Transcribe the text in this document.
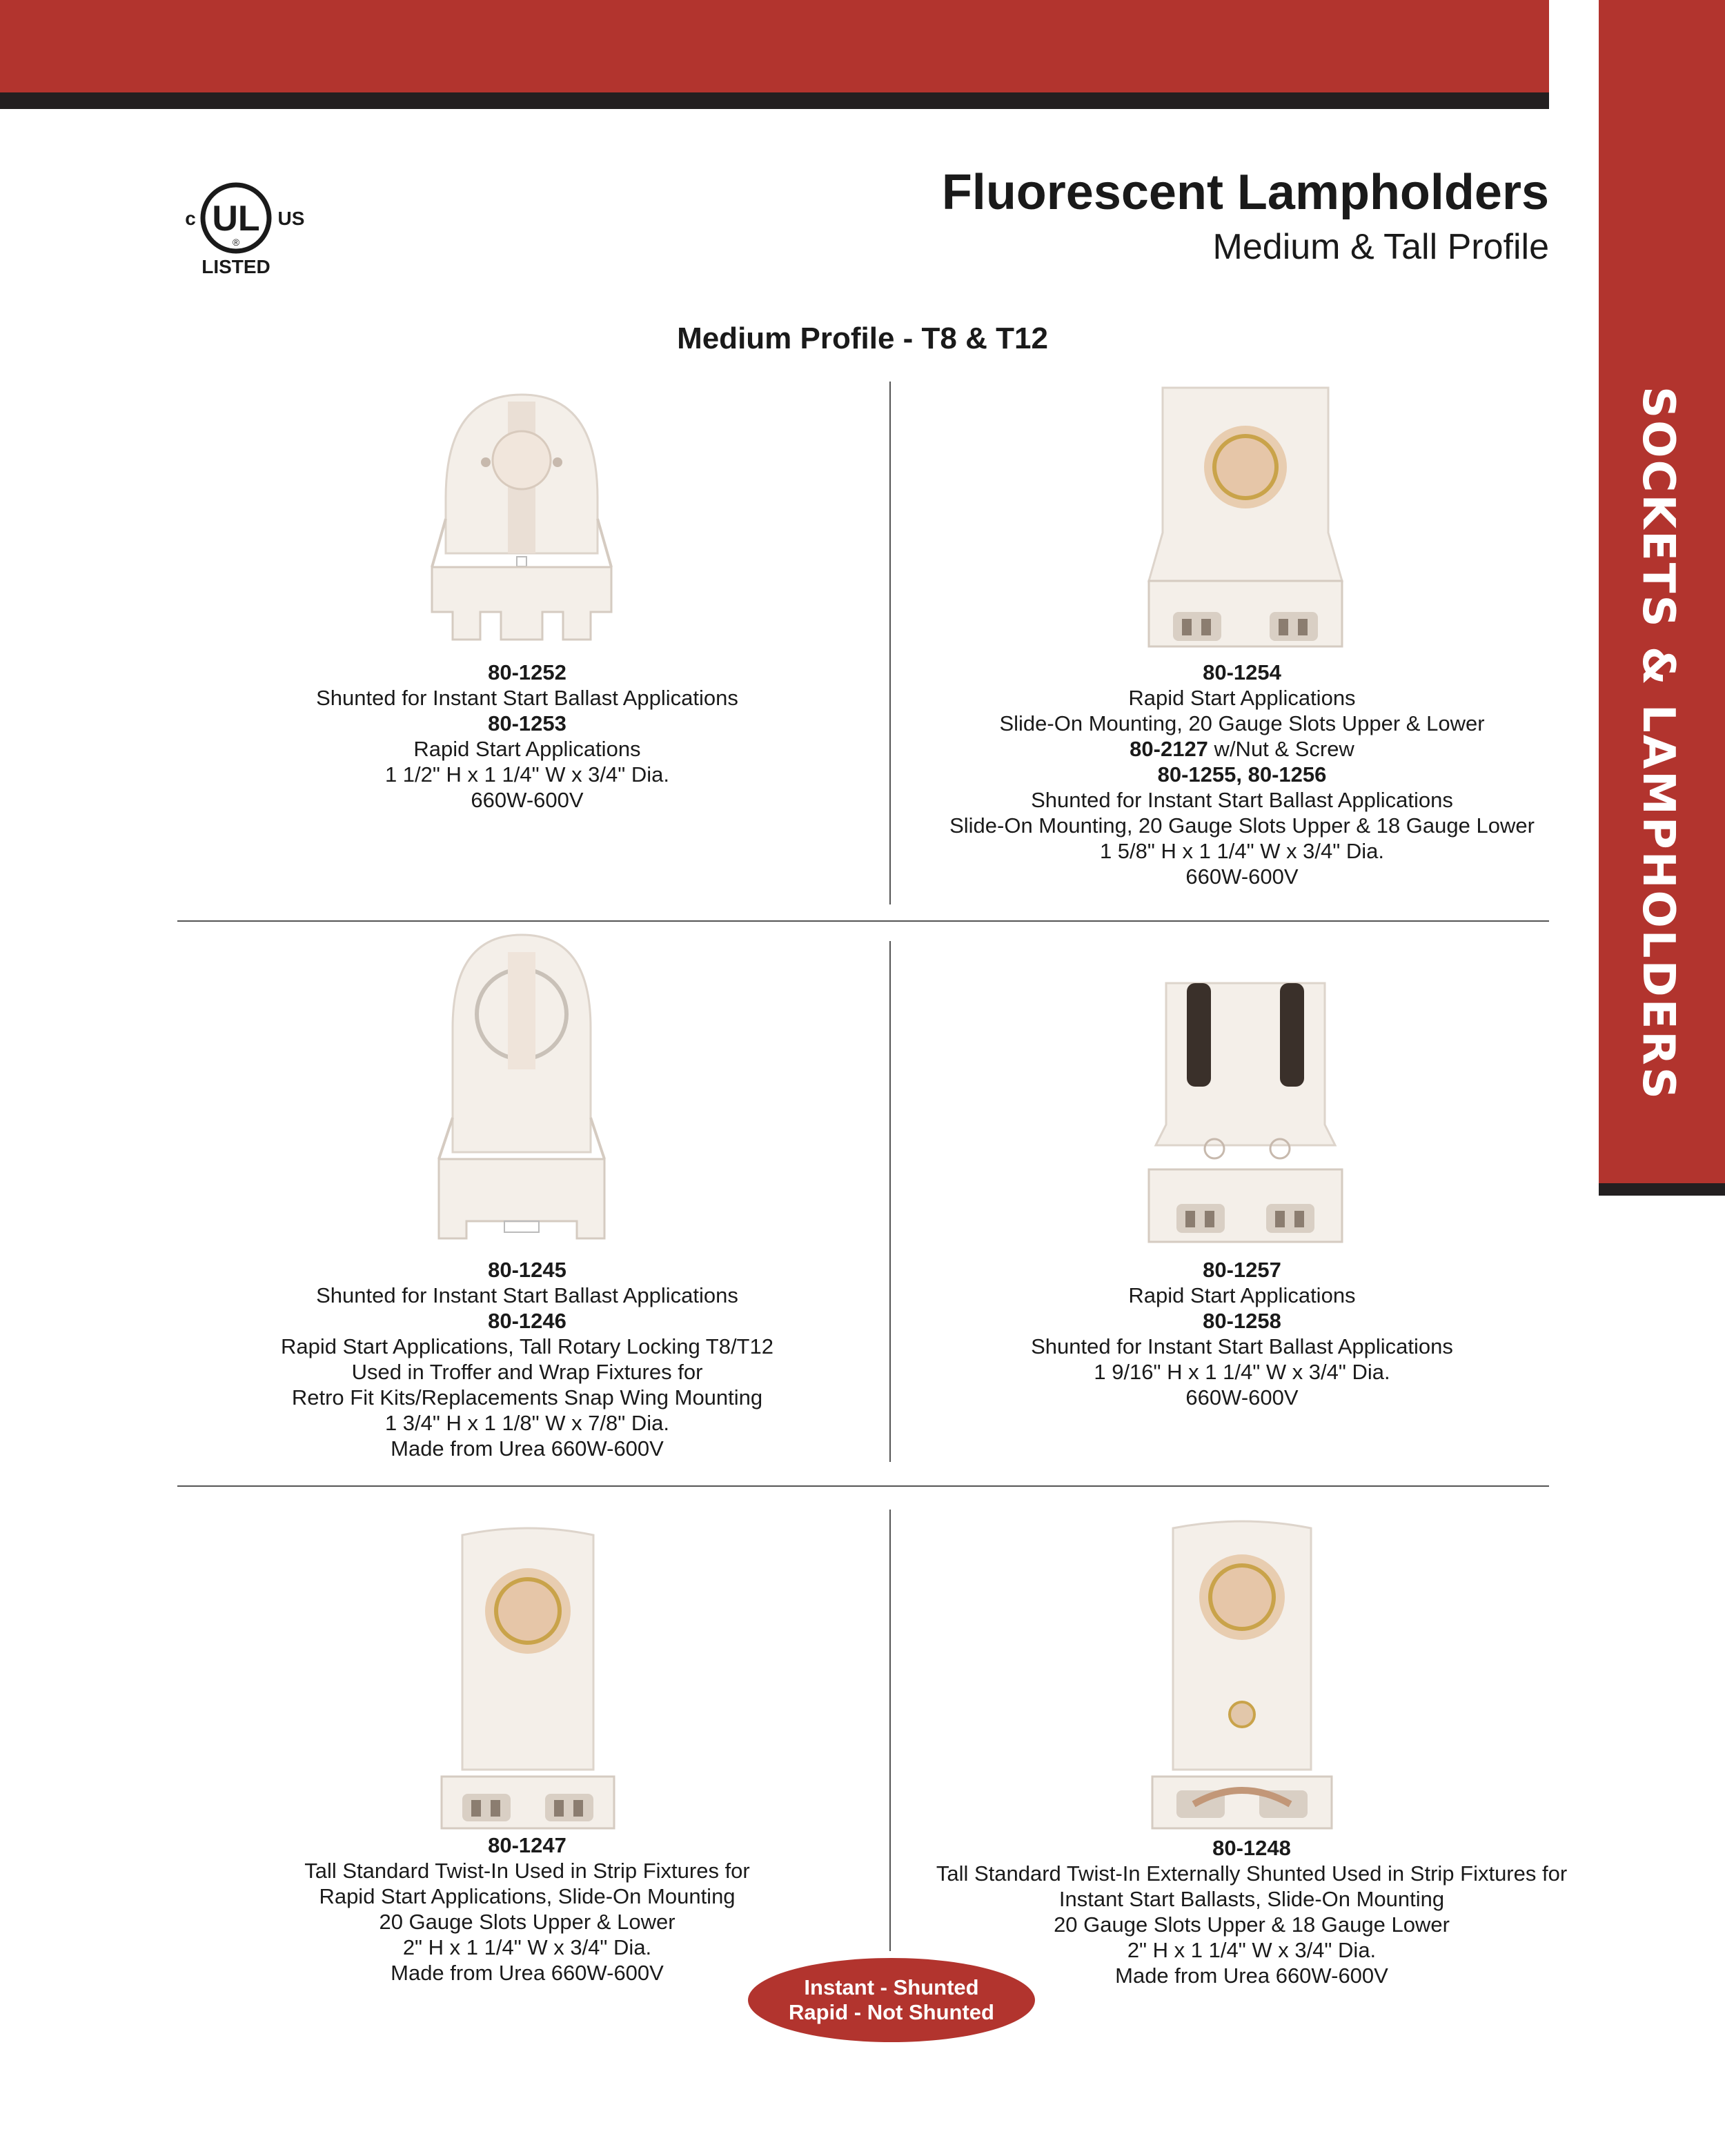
SOCKETS & LAMPHOLDERS
UL
®
c	US
LISTED
Fluorescent Lampholders
Medium & Tall Profile
Medium Profile - T8 & T12
80-1252
Shunted for Instant Start Ballast Applications
80-1253
Rapid Start Applications
1 1/2" H x 1 1/4" W x 3/4" Dia.
660W-600V
80-1254
Rapid Start Applications
Slide-On Mounting, 20 Gauge Slots Upper & Lower
80-2127 w/Nut & Screw
80-1255, 80-1256
Shunted for Instant Start Ballast Applications
Slide-On Mounting, 20 Gauge Slots Upper & 18 Gauge Lower
1 5/8" H x 1 1/4" W x 3/4" Dia.
660W-600V
80-1245
Shunted for Instant Start Ballast Applications
80-1246
Rapid Start Applications, Tall Rotary Locking T8/T12
Used in Troffer and Wrap Fixtures for
Retro Fit Kits/Replacements Snap Wing Mounting
1 3/4" H x 1 1/8" W x 7/8" Dia.
Made from Urea 660W-600V
80-1257
Rapid Start Applications
80-1258
Shunted for Instant Start Ballast Applications
1 9/16" H x 1 1/4" W x 3/4" Dia.
660W-600V
80-1247
Tall Standard Twist-In Used in Strip Fixtures for
Rapid Start Applications, Slide-On Mounting
20 Gauge Slots Upper & Lower
2" H x 1 1/4" W x 3/4" Dia.
Made from Urea 660W-600V
80-1248
Tall Standard Twist-In Externally Shunted Used in Strip Fixtures for
Instant Start Ballasts, Slide-On Mounting
20 Gauge Slots Upper & 18 Gauge Lower
2" H x 1 1/4" W x 3/4" Dia.
Made from Urea 660W-600V
Instant - Shunted
Rapid - Not Shunted
